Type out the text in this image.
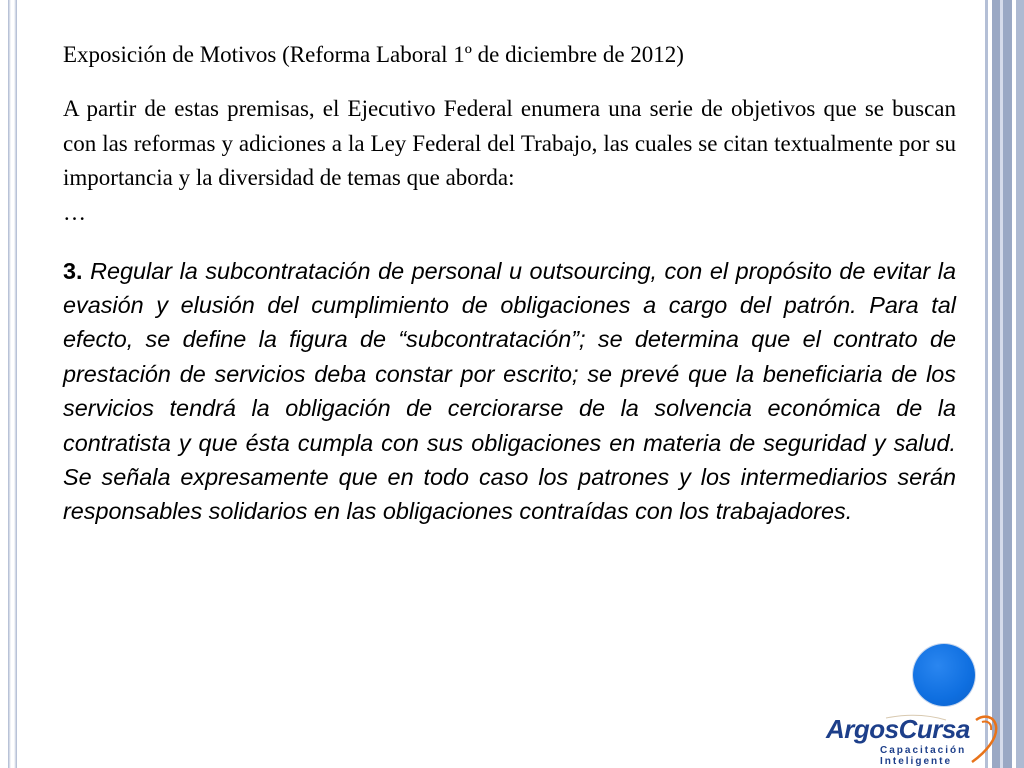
Exposición de Motivos (Reforma Laboral 1º de diciembre de 2012)

A partir de estas premisas, el Ejecutivo Federal enumera una serie de objetivos que se buscan con las reformas y adiciones a la Ley Federal del Trabajo, las cuales se citan textualmente por su importancia y la diversidad de temas que aborda:

…

3. Regular la subcontratación de personal u outsourcing, con el propósito de evitar la evasión y elusión del cumplimiento de obligaciones a cargo del patrón. Para tal efecto, se define la figura de “subcontratación”; se determina que el contrato de prestación de servicios deba constar por escrito; se prevé que la beneficiaria de los servicios tendrá la obligación de cerciorarse de la solvencia económica de la contratista y que ésta cumpla con sus obligaciones en materia de seguridad y salud. Se señala expresamente que en todo caso los patrones y los intermediarios serán responsables solidarios en las obligaciones contraídas con los trabajadores.

ArgosCursa
Capacitación
Inteligente
